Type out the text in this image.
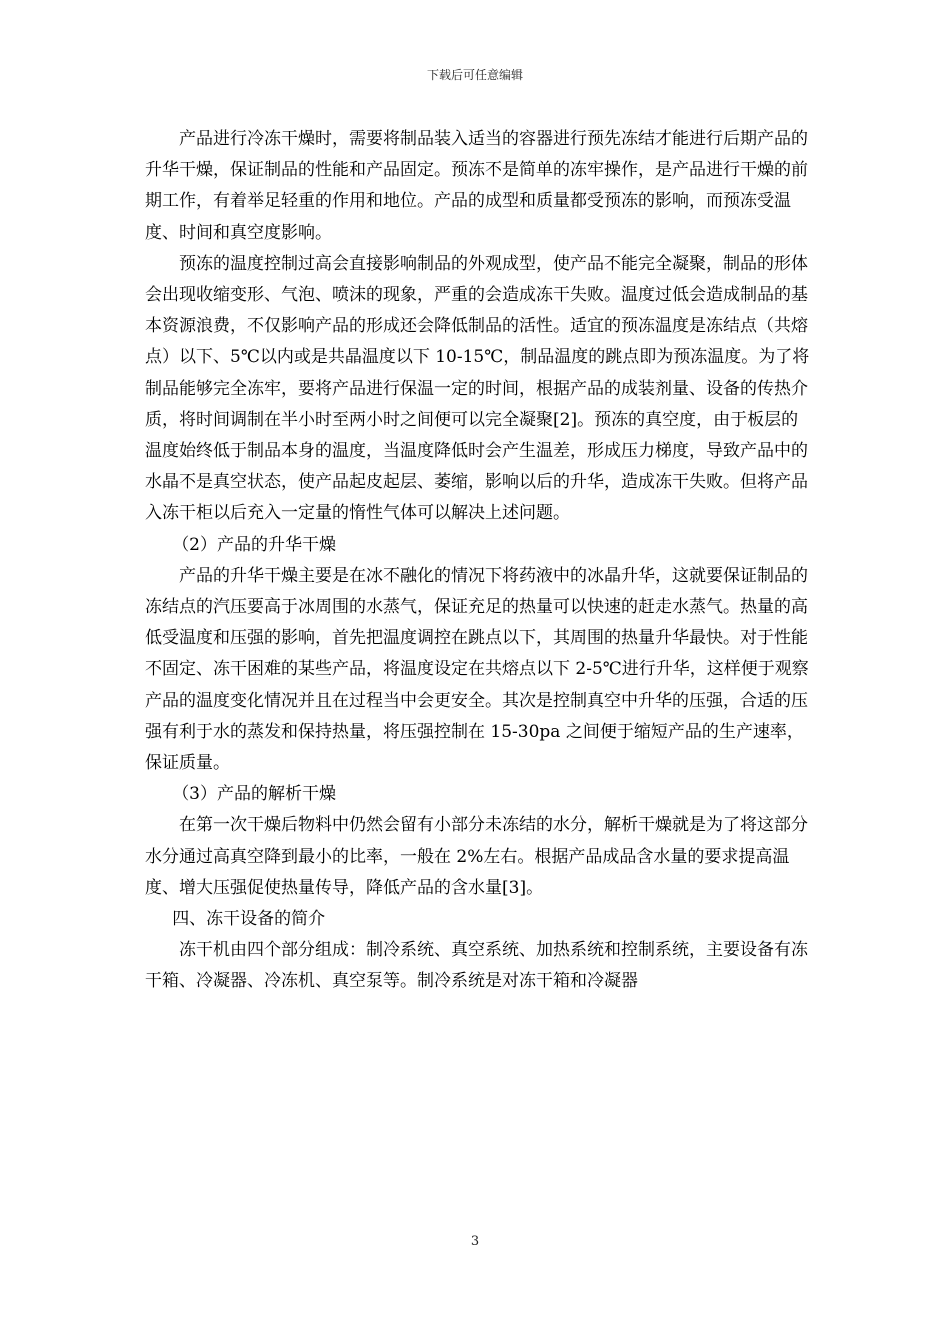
下载后可任意编辑

产品进行冷冻干燥时，需要将制品装入适当的容器进行预先冻结才能进行后期产品的升华干燥，保证制品的性能和产品固定。预冻不是简单的冻牢操作，是产品进行干燥的前期工作，有着举足轻重的作用和地位。产品的成型和质量都受预冻的影响，而预冻受温度、时间和真空度影响。

预冻的温度控制过高会直接影响制品的外观成型，使产品不能完全凝聚，制品的形体会出现收缩变形、气泡、喷沫的现象，严重的会造成冻干失败。温度过低会造成制品的基本资源浪费，不仅影响产品的形成还会降低制品的活性。适宜的预冻温度是冻结点（共熔点）以下、5℃以内或是共晶温度以下 10-15℃，制品温度的跳点即为预冻温度。为了将制品能够完全冻牢，要将产品进行保温一定的时间，根据产品的成装剂量、设备的传热介质，将时间调制在半小时至两小时之间便可以完全凝聚[2]。预冻的真空度，由于板层的温度始终低于制品本身的温度，当温度降低时会产生温差，形成压力梯度，导致产品中的水晶不是真空状态，使产品起皮起层、萎缩，影响以后的升华，造成冻干失败。但将产品入冻干柜以后充入一定量的惰性气体可以解决上述问题。

（2）产品的升华干燥

产品的升华干燥主要是在冰不融化的情况下将药液中的冰晶升华，这就要保证制品的冻结点的汽压要高于冰周围的水蒸气，保证充足的热量可以快速的赶走水蒸气。热量的高低受温度和压强的影响，首先把温度调控在跳点以下，其周围的热量升华最快。对于性能不固定、冻干困难的某些产品，将温度设定在共熔点以下 2-5℃进行升华，这样便于观察产品的温度变化情况并且在过程当中会更安全。其次是控制真空中升华的压强，合适的压强有利于水的蒸发和保持热量，将压强控制在 15-30pa 之间便于缩短产品的生产速率，保证质量。

（3）产品的解析干燥

在第一次干燥后物料中仍然会留有小部分未冻结的水分，解析干燥就是为了将这部分水分通过高真空降到最小的比率，一般在 2%左右。根据产品成品含水量的要求提高温度、增大压强促使热量传导，降低产品的含水量[3]。

四、冻干设备的简介

冻干机由四个部分组成：制冷系统、真空系统、加热系统和控制系统，主要设备有冻干箱、冷凝器、冷冻机、真空泵等。制冷系统是对冻干箱和冷凝器

3
